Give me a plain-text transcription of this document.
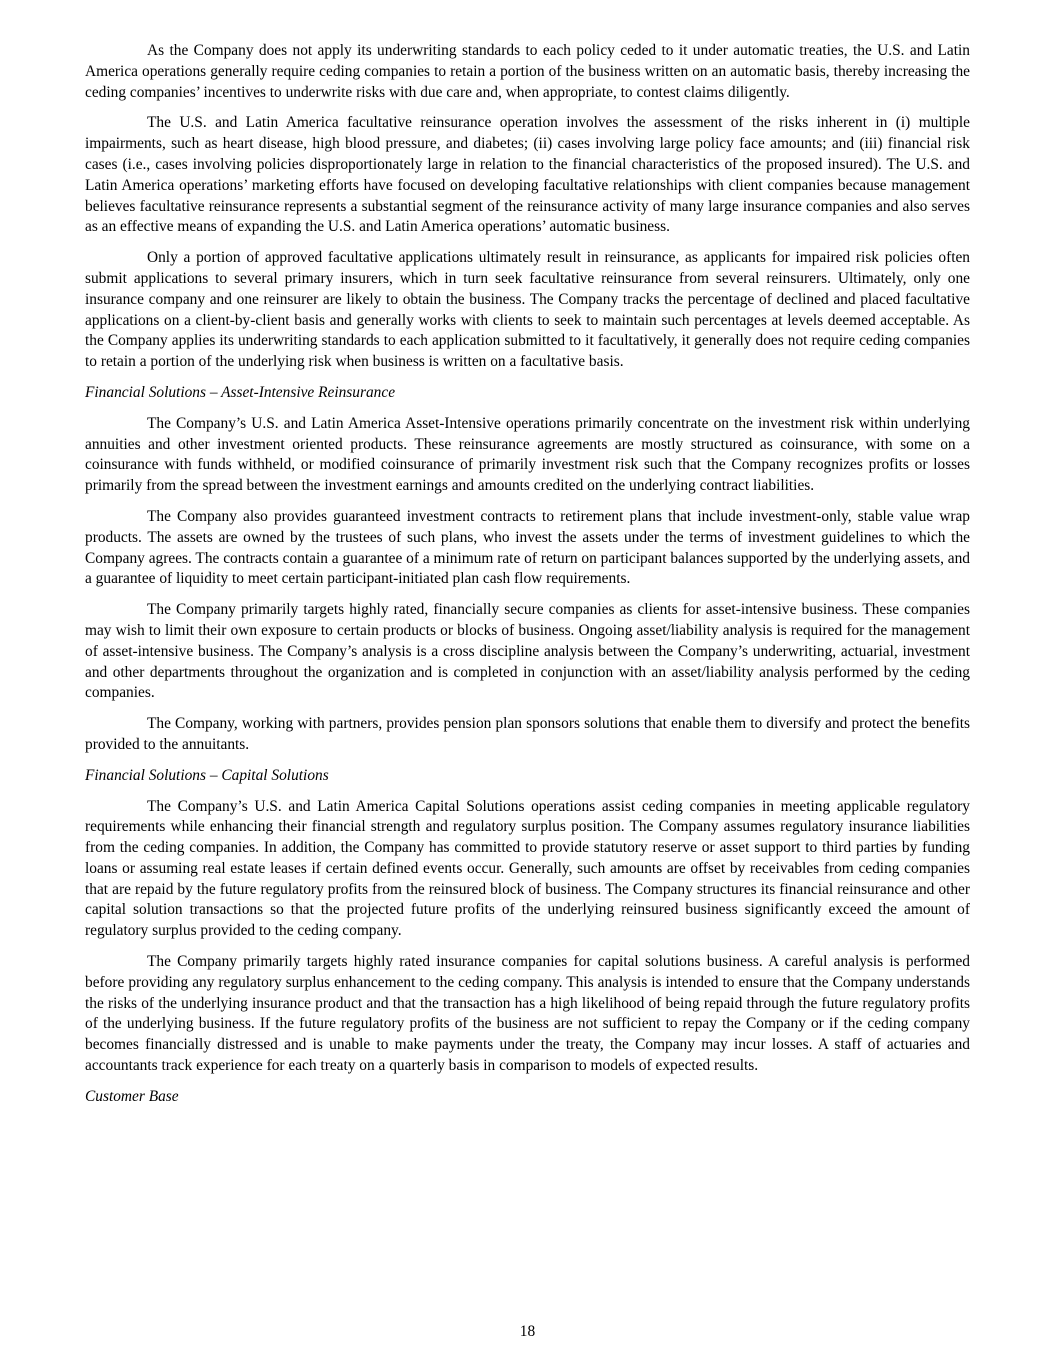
As the Company does not apply its underwriting standards to each policy ceded to it under automatic treaties, the U.S. and Latin America operations generally require ceding companies to retain a portion of the business written on an automatic basis, thereby increasing the ceding companies’ incentives to underwrite risks with due care and, when appropriate, to contest claims diligently.

The U.S. and Latin America facultative reinsurance operation involves the assessment of the risks inherent in (i) multiple impairments, such as heart disease, high blood pressure, and diabetes; (ii) cases involving large policy face amounts; and (iii) financial risk cases (i.e., cases involving policies disproportionately large in relation to the financial characteristics of the proposed insured). The U.S. and Latin America operations’ marketing efforts have focused on developing facultative relationships with client companies because management believes facultative reinsurance represents a substantial segment of the reinsurance activity of many large insurance companies and also serves as an effective means of expanding the U.S. and Latin America operations’ automatic business.

Only a portion of approved facultative applications ultimately result in reinsurance, as applicants for impaired risk policies often submit applications to several primary insurers, which in turn seek facultative reinsurance from several reinsurers. Ultimately, only one insurance company and one reinsurer are likely to obtain the business. The Company tracks the percentage of declined and placed facultative applications on a client-by-client basis and generally works with clients to seek to maintain such percentages at levels deemed acceptable. As the Company applies its underwriting standards to each application submitted to it facultatively, it generally does not require ceding companies to retain a portion of the underlying risk when business is written on a facultative basis.

Financial Solutions – Asset-Intensive Reinsurance

The Company’s U.S. and Latin America Asset-Intensive operations primarily concentrate on the investment risk within underlying annuities and other investment oriented products. These reinsurance agreements are mostly structured as coinsurance, with some on a coinsurance with funds withheld, or modified coinsurance of primarily investment risk such that the Company recognizes profits or losses primarily from the spread between the investment earnings and amounts credited on the underlying contract liabilities.

The Company also provides guaranteed investment contracts to retirement plans that include investment-only, stable value wrap products. The assets are owned by the trustees of such plans, who invest the assets under the terms of investment guidelines to which the Company agrees. The contracts contain a guarantee of a minimum rate of return on participant balances supported by the underlying assets, and a guarantee of liquidity to meet certain participant-initiated plan cash flow requirements.

The Company primarily targets highly rated, financially secure companies as clients for asset-intensive business. These companies may wish to limit their own exposure to certain products or blocks of business. Ongoing asset/liability analysis is required for the management of asset-intensive business. The Company’s analysis is a cross discipline analysis between the Company’s underwriting, actuarial, investment and other departments throughout the organization and is completed in conjunction with an asset/liability analysis performed by the ceding companies.

The Company, working with partners, provides pension plan sponsors solutions that enable them to diversify and protect the benefits provided to the annuitants.

Financial Solutions – Capital Solutions

The Company’s U.S. and Latin America Capital Solutions operations assist ceding companies in meeting applicable regulatory requirements while enhancing their financial strength and regulatory surplus position. The Company assumes regulatory insurance liabilities from the ceding companies. In addition, the Company has committed to provide statutory reserve or asset support to third parties by funding loans or assuming real estate leases if certain defined events occur. Generally, such amounts are offset by receivables from ceding companies that are repaid by the future regulatory profits from the reinsured block of business. The Company structures its financial reinsurance and other capital solution transactions so that the projected future profits of the underlying reinsured business significantly exceed the amount of regulatory surplus provided to the ceding company.

The Company primarily targets highly rated insurance companies for capital solutions business. A careful analysis is performed before providing any regulatory surplus enhancement to the ceding company. This analysis is intended to ensure that the Company understands the risks of the underlying insurance product and that the transaction has a high likelihood of being repaid through the future regulatory profits of the underlying business. If the future regulatory profits of the business are not sufficient to repay the Company or if the ceding company becomes financially distressed and is unable to make payments under the treaty, the Company may incur losses. A staff of actuaries and accountants track experience for each treaty on a quarterly basis in comparison to models of expected results.

Customer Base

18
